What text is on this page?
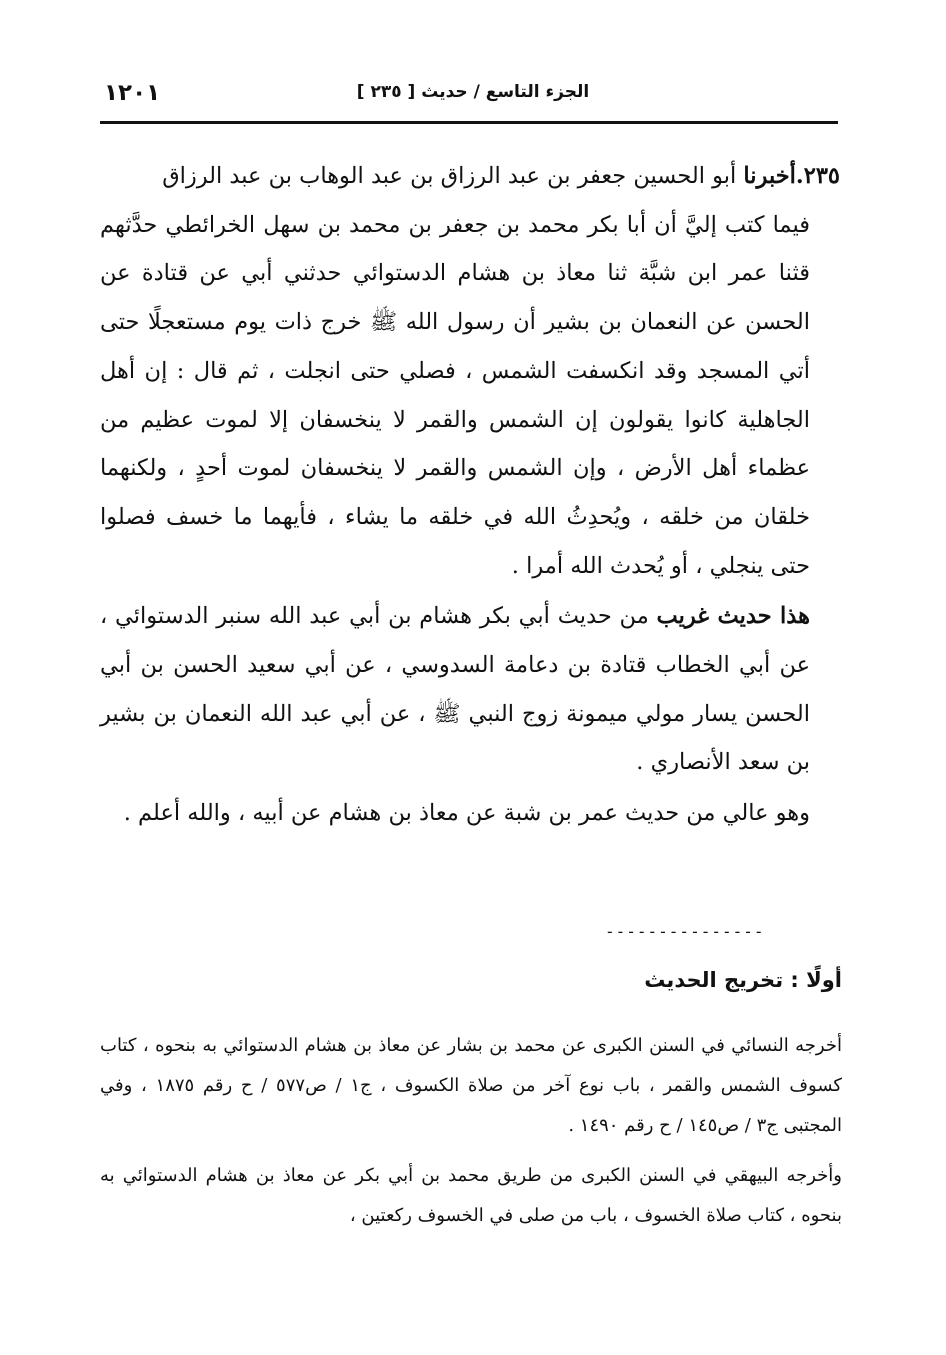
الجزء التاسع / حديث [ ٢٣٥ ]
١٢٠١

٢٣٥.أخبرنا أبو الحسين جعفر بن عبد الرزاق بن عبد الوهاب بن عبد الرزاق

فيما كتب إليَّ أن أبا بكر محمد بن جعفر بن محمد بن سهل الخرائطي حدَّثهم قثنا عمر ابن شبَّة ثنا معاذ بن هشام الدستوائي حدثني أبي عن قتادة عن الحسن عن النعمان بن بشير أن رسول الله ﷺ خرج ذات يوم مستعجلًا حتى أتي المسجد وقد انكسفت الشمس ، فصلي حتى انجلت ، ثم قال : إن أهل الجاهلية كانوا يقولون إن الشمس والقمر لا ينخسفان إلا لموت عظيم من عظماء أهل الأرض ، وإن الشمس والقمر لا ينخسفان لموت أحدٍ ، ولكنهما خلقان من خلقه ، ويُحدِثُ الله في خلقه ما يشاء ، فأيهما ما خسف فصلوا حتى ينجلي ، أو يُحدث الله أمرا .

هذا حديث غريب من حديث أبي بكر هشام بن أبي عبد الله سنبر الدستوائي ، عن أبي الخطاب قتادة بن دعامة السدوسي ، عن أبي سعيد الحسن بن أبي الحسن يسار مولي ميمونة زوج النبي ﷺ ، عن أبي عبد الله النعمان بن بشير بن سعد الأنصاري .

وهو عالي من حديث عمر بن شبة عن معاذ بن هشام عن أبيه ، والله أعلم .

---------------
أولًا : تخريج الحديث

أخرجه النسائي في السنن الكبرى عن محمد بن بشار عن معاذ بن هشام الدستوائي به بنحوه ، كتاب كسوف الشمس والقمر ، باب نوع آخر من صلاة الكسوف ، ج١ / ص٥٧٧ / ح رقم ١٨٧٥ ، وفي المجتبى ج٣ / ص١٤٥ / ح رقم ١٤٩٠ .

وأخرجه البيهقي في السنن الكبرى من طريق محمد بن أبي بكر عن معاذ بن هشام الدستوائي به بنحوه ، كتاب صلاة الخسوف ، باب من صلى في الخسوف ركعتين ،
